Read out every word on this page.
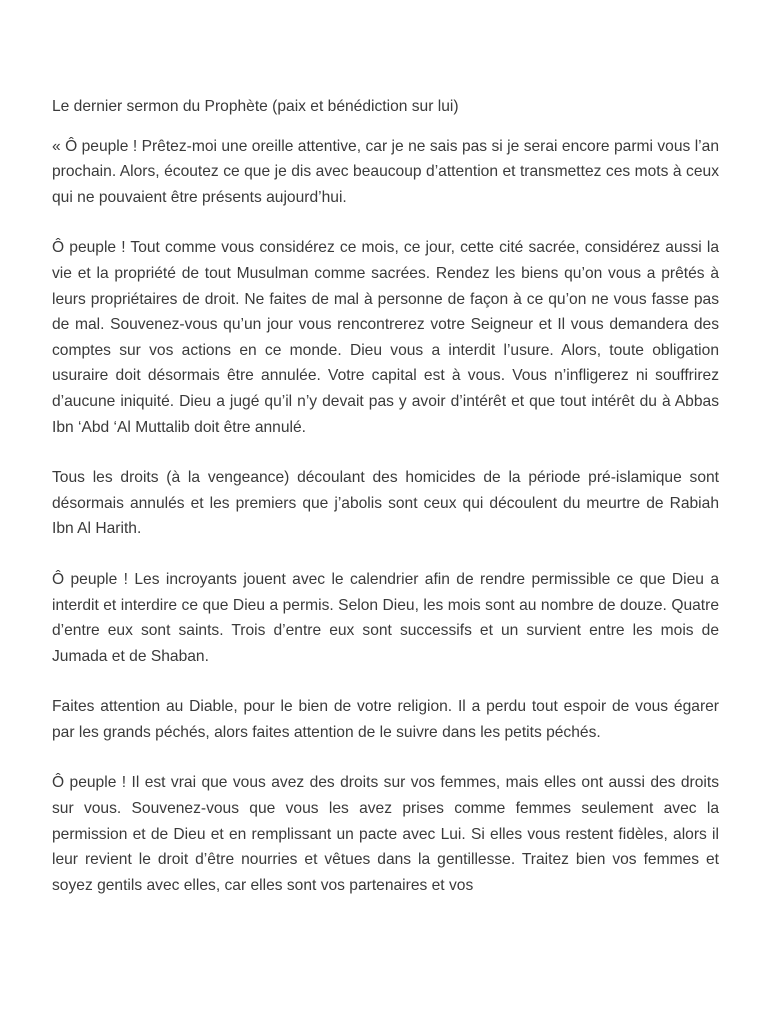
Le dernier sermon du Prophète (paix et bénédiction sur lui)

« Ô peuple ! Prêtez-moi une oreille attentive, car je ne sais pas si je serai encore parmi vous l’an prochain. Alors, écoutez ce que je dis avec beaucoup d’attention et transmettez ces mots à ceux qui ne pouvaient être présents aujourd’hui.

Ô peuple ! Tout comme vous considérez ce mois, ce jour, cette cité sacrée, considérez aussi la vie et la propriété de tout Musulman comme sacrées. Rendez les biens qu’on vous a prêtés à leurs propriétaires de droit. Ne faites de mal à personne de façon à ce qu’on ne vous fasse pas de mal. Souvenez-vous qu’un jour vous rencontrerez votre Seigneur et Il vous demandera des comptes sur vos actions en ce monde. Dieu vous a interdit l’usure. Alors, toute obligation usuraire doit désormais être annulée. Votre capital est à vous. Vous n’infligerez ni souffrirez d’aucune iniquité. Dieu a jugé qu’il n’y devait pas y avoir d’intérêt et que tout intérêt du à Abbas Ibn ‘Abd ‘Al Muttalib doit être annulé.

Tous les droits (à la vengeance) découlant des homicides de la période pré-islamique sont désormais annulés et les premiers que j’abolis sont ceux qui découlent du meurtre de Rabiah Ibn Al Harith.

Ô peuple ! Les incroyants jouent avec le calendrier afin de rendre permissible ce que Dieu a interdit et interdire ce que Dieu a permis. Selon Dieu, les mois sont au nombre de douze. Quatre d’entre eux sont saints. Trois d’entre eux sont successifs et un survient entre les mois de Jumada et de Shaban.

Faites attention au Diable, pour le bien de votre religion. Il a perdu tout espoir de vous égarer par les grands péchés, alors faites attention de le suivre dans les petits péchés.

Ô peuple ! Il est vrai que vous avez des droits sur vos femmes, mais elles ont aussi des droits sur vous. Souvenez-vous que vous les avez prises comme femmes seulement avec la permission et de Dieu et en remplissant un pacte avec Lui. Si elles vous restent fidèles, alors il leur revient le droit d’être nourries et vêtues dans la gentillesse. Traitez bien vos femmes et soyez gentils avec elles, car elles sont vos partenaires et vos
